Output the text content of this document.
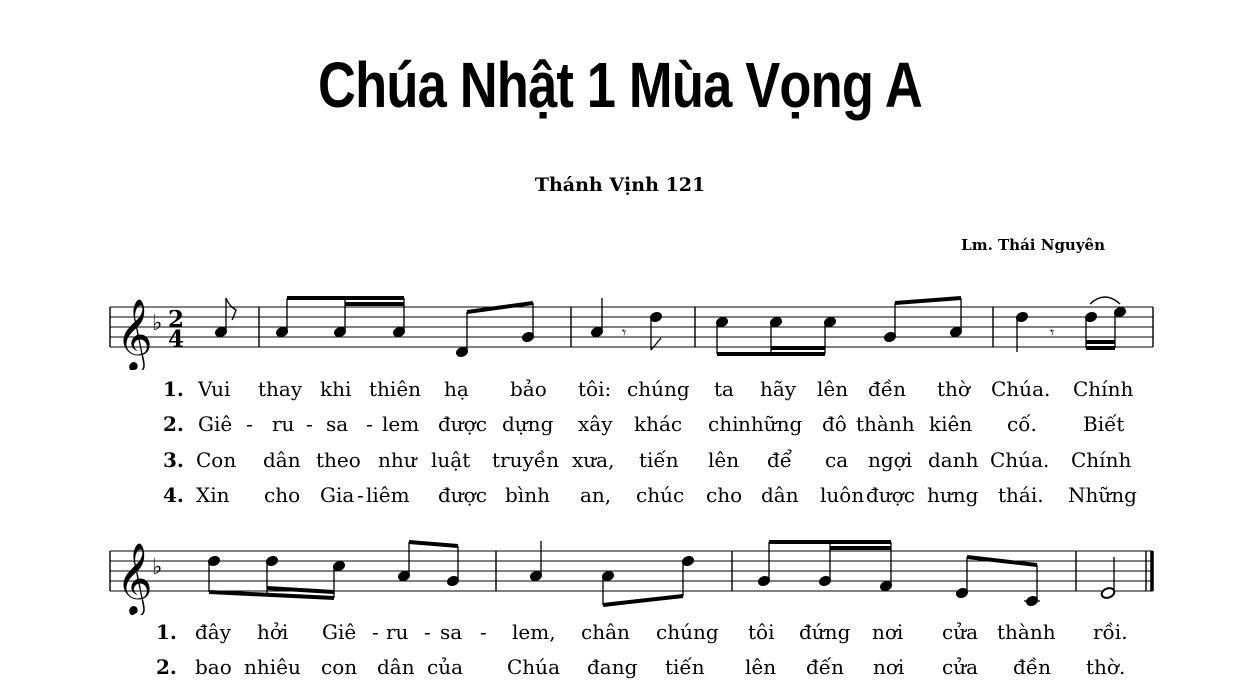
Chúa Nhật 1 Mùa Vọng A
Thánh Vịnh 121
Lm. Thái Nguyên
𝄞 ♭ 2
4	𝄾	𝄾
1. Vui thay khi thiên hạ bảo tôi: chúng ta hãy lên đền thờ Chúa. Chính
2. Giê - ru - sa - lem được dựng xây khác chi những đô thành kiên cố. Biết
3. Con dân theo như luật truyền xưa, tiến lên để ca ngợi danh Chúa. Chính
4. Xin cho Gia - liêm được bình an, chúc cho dân luôn được hưng thái. Những
𝄞 ♭
1. đây hởi Giê - ru - sa - lem, chân chúng tôi đứng nơi cửa thành rồi.
2. bao nhiêu con dân của Chúa đang tiến lên đến nơi cửa đền thờ.
